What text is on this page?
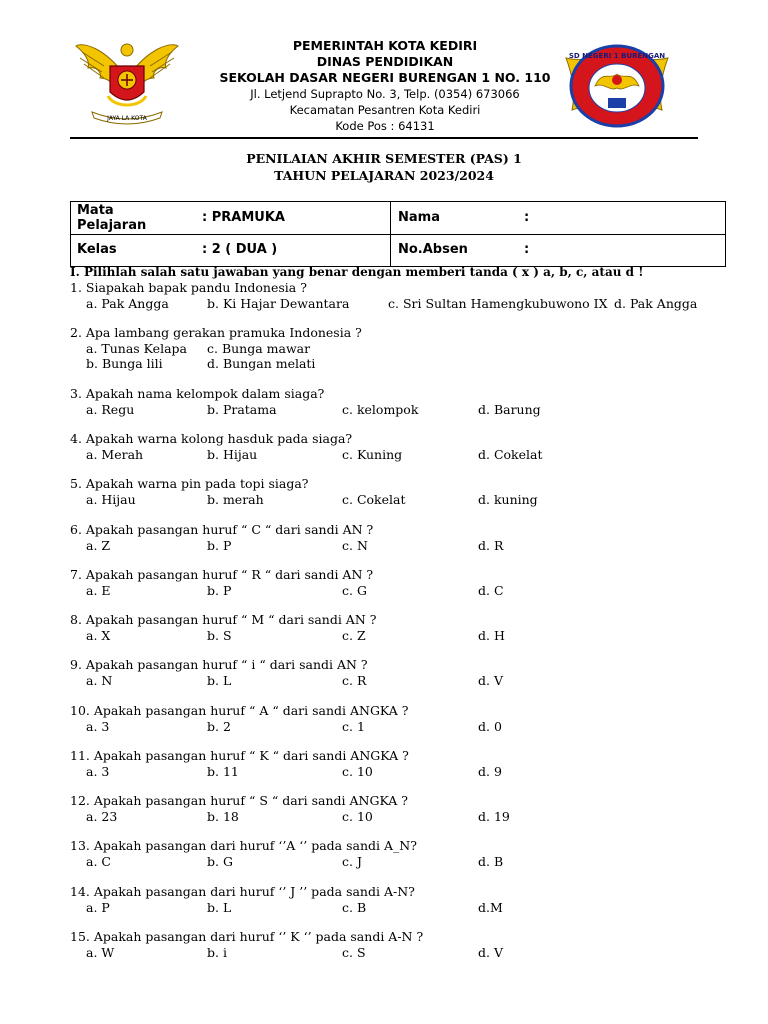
JAYA LA KOTA
PEMERINTAH KOTA KEDIRI
DINAS PENDIDIKAN
SEKOLAH DASAR NEGERI BURENGAN 1 NO. 110
Jl. Letjend Suprapto No. 3, Telp. (0354) 673066
Kecamatan Pesantren Kota Kediri
Kode Pos : 64131
SD NEGERI 1 BURENGAN
PENILAIAN AKHIR SEMESTER (PAS) 1
TAHUN PELAJARAN 2023/2024
Mata
Pelajaran
: PRAMUKA	Nama	:
Kelas	: 2 ( DUA )	No.Absen	:
I. Pilihlah salah satu jawaban yang benar dengan memberi tanda ( x ) a, b, c, atau d !
1. Siapakah bapak pandu Indonesia ?
a. Pak Angga	b. Ki Hajar Dewantara	c. Sri Sultan Hamengkubuwono IX d. Pak Angga
2. Apa lambang gerakan pramuka Indonesia ?
a. Tunas Kelapa c. Bunga mawar
b. Bunga lili	d. Bungan melati
3. Apakah nama kelompok dalam siaga?
a. Regu	b. Pratama	c. kelompok	d. Barung
4. Apakah warna kolong hasduk pada siaga?
a. Merah	b. Hijau	c. Kuning	d. Cokelat
5. Apakah warna pin pada topi siaga?
a. Hijau	b. merah	c. Cokelat	d. kuning
6. Apakah pasangan huruf “ C “ dari sandi AN ?
a. Z	b. P	c. N	d. R
7. Apakah pasangan huruf “ R “ dari sandi AN ?
a. E	b. P	c. G	d. C
8. Apakah pasangan huruf “ M “ dari sandi AN ?
a. X	b. S	c. Z	d. H
9. Apakah pasangan huruf “ i “ dari sandi AN ?
a. N	b. L	c. R	d. V
10. Apakah pasangan huruf “ A “ dari sandi ANGKA ?
a. 3	b. 2	c. 1	d. 0
11. Apakah pasangan huruf “ K “ dari sandi ANGKA ?
a. 3	b. 11	c. 10	d. 9
12. Apakah pasangan huruf “ S “ dari sandi ANGKA ?
a. 23	b. 18	c. 10	d. 19
13. Apakah pasangan dari huruf ‘’A ‘’ pada sandi A_N?
a. C	b. G	c. J	d. B
14. Apakah pasangan dari huruf ‘’ J ’’ pada sandi A-N?
a. P	b. L	c. B	d.M
15. Apakah pasangan dari huruf ‘’ K ‘’ pada sandi A-N ?
a. W	b. i	c. S	d. V
